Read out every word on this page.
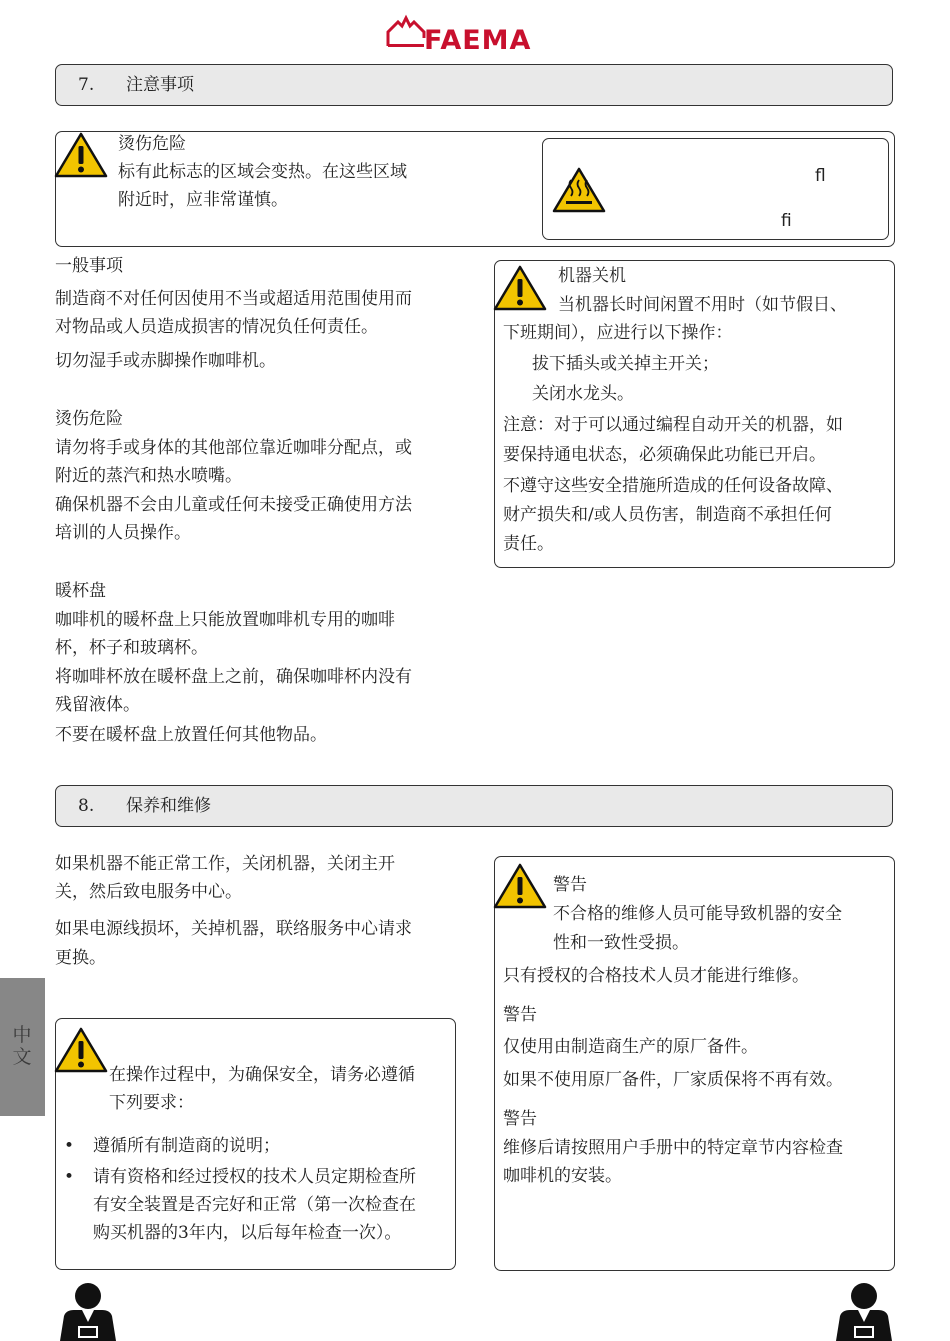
FAEMA
7. 注意事项
烫伤危险
标有此标志的区域会变热。在这些区域
附近时，应非常谨慎。
ﬂ
ﬁ
一般事项
制造商不对任何因使用不当或超适用范围使用而
对物品或人员造成损害的情况负任何责任。
切勿湿手或赤脚操作咖啡机。
烫伤危险
请勿将手或身体的其他部位靠近咖啡分配点，或
附近的蒸汽和热水喷嘴。
确保机器不会由儿童或任何未接受正确使用方法
培训的人员操作。
暖杯盘
咖啡机的暖杯盘上只能放置咖啡机专用的咖啡
杯，杯子和玻璃杯。
将咖啡杯放在暖杯盘上之前，确保咖啡杯内没有
残留液体。
不要在暖杯盘上放置任何其他物品。
机器关机
当机器长时间闲置不用时（如节假日、
下班期间），应进行以下操作：
拔下插头或关掉主开关；
关闭水龙头。
注意：对于可以通过编程自动开关的机器，如
要保持通电状态，必须确保此功能已开启。
不遵守这些安全措施所造成的任何设备故障、
财产损失和/或人员伤害，制造商不承担任何
责任。
8. 保养和维修
如果机器不能正常工作，关闭机器，关闭主开
关，然后致电服务中心。
如果电源线损坏，关掉机器，联络服务中心请求
更换。
中文
在操作过程中，为确保安全，请务必遵循
下列要求：
• 遵循所有制造商的说明；
• 请有资格和经过授权的技术人员定期检查所
有安全装置是否完好和正常（第一次检查在
购买机器的3年内，以后每年检查一次）。
警告
不合格的维修人员可能导致机器的安全
性和一致性受损。
只有授权的合格技术人员才能进行维修。
警告
仅使用由制造商生产的原厂备件。
如果不使用原厂备件，厂家质保将不再有效。
警告
维修后请按照用户手册中的特定章节内容检查
咖啡机的安装。
